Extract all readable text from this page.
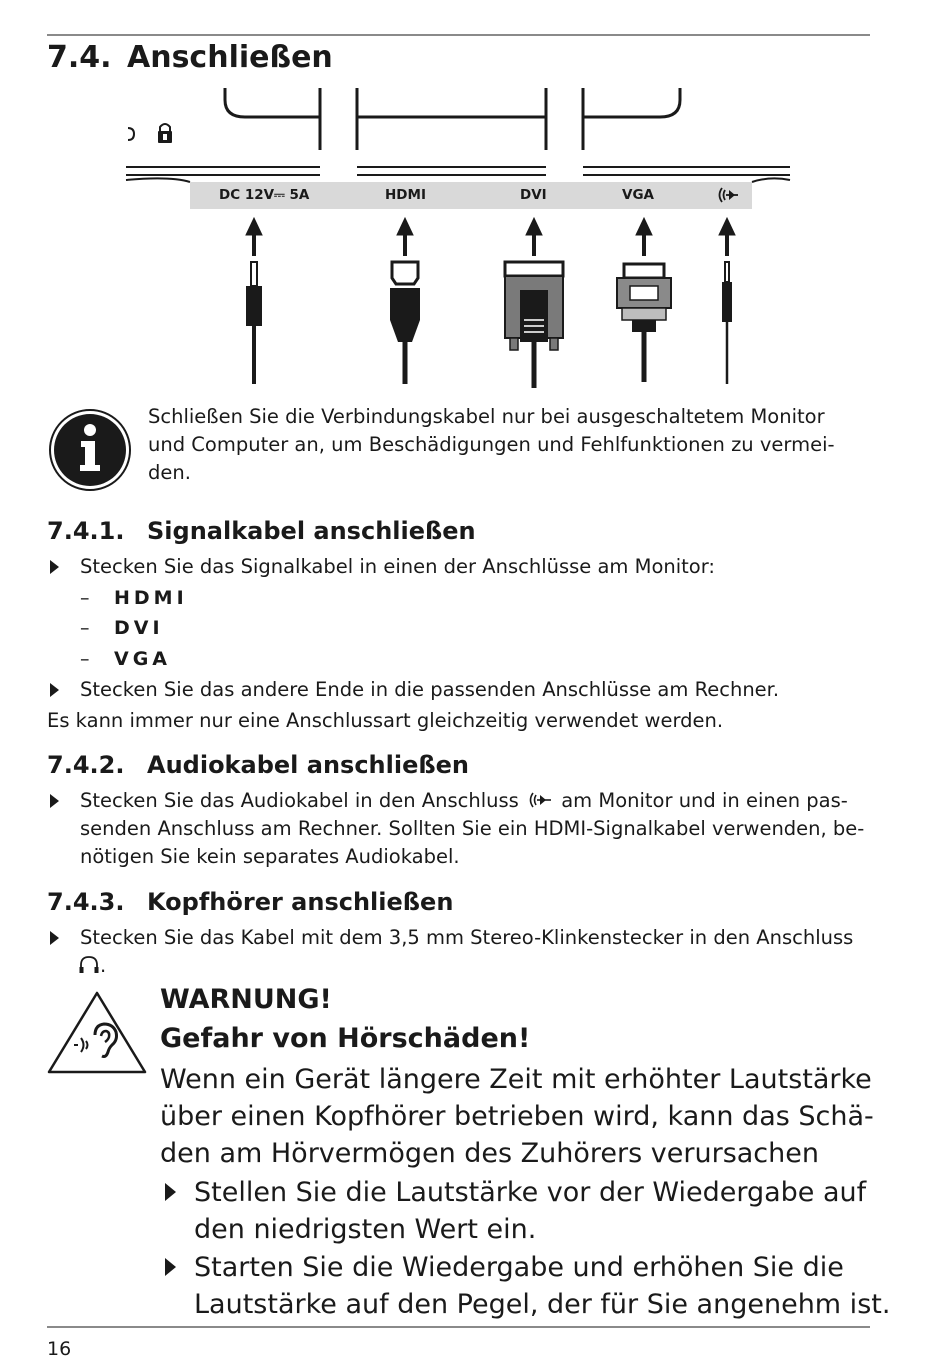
7.4. Anschließen
DC 12V⎓ 5A	HDMI	DVI	VGA
Schließen Sie die Verbindungskabel nur bei ausgeschaltetem Monitor
und Computer an, um Beschädigungen und Fehlfunktionen zu vermei-
den.
7.4.1. Signalkabel anschließen
Stecken Sie das Signalkabel in einen der Anschlüsse am Monitor:
– HDMI
– DVI
– VGA
Stecken Sie das andere Ende in die passenden Anschlüsse am Rechner.
Es kann immer nur eine Anschlussart gleichzeitig verwendet werden.
7.4.2. Audiokabel anschließen
Stecken Sie das Audiokabel in den Anschluss am Monitor und in einen pas-
senden Anschluss am Rechner. Sollten Sie ein HDMI-Signalkabel verwenden, be-
nötigen Sie kein separates Audiokabel.
7.4.3. Kopfhörer anschließen
Stecken Sie das Kabel mit dem 3,5 mm Stereo-Klinkenstecker in den Anschluss
.
WARNUNG!
Gefahr von Hörschäden!
Wenn ein Gerät längere Zeit mit erhöhter Lautstärke
über einen Kopfhörer betrieben wird, kann das Schä-
den am Hörvermögen des Zuhörers verursachen
Stellen Sie die Lautstärke vor der Wiedergabe auf
den niedrigsten Wert ein.
Starten Sie die Wiedergabe und erhöhen Sie die
Lautstärke auf den Pegel, der für Sie angenehm ist.
16
